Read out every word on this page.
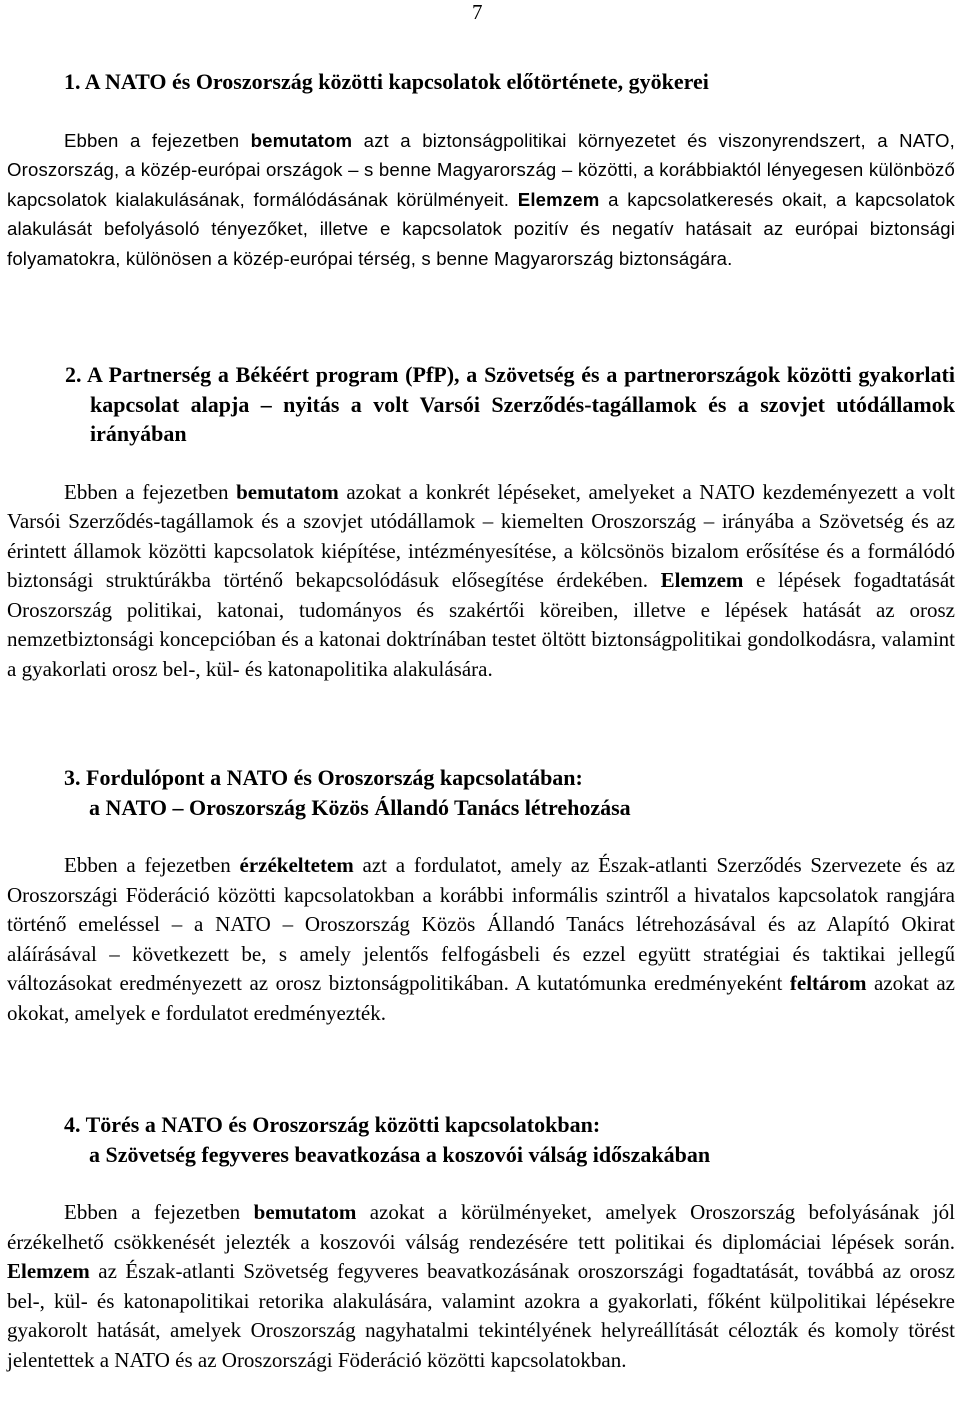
7
1. A NATO és Oroszország közötti kapcsolatok előtörténete, gyökerei

Ebben a fejezetben bemutatom azt a biztonságpolitikai környezetet és viszonyrendszert, a NATO, Oroszország, a közép-európai országok – s benne Magyarország – közötti, a korábbiaktól lényegesen különböző kapcsolatok kialakulásának, formálódásának körülményeit. Elemzem a kapcsolatkeresés okait, a kapcsolatok alakulását befolyásoló tényezőket, illetve e kapcsolatok pozitív és negatív hatásait az európai biztonsági folyamatokra, különösen a közép-európai térség, s benne Magyarország biztonságára.

2. A Partnerség a Békéért program (PfP), a Szövetség és a partnerországok közötti gyakorlati kapcsolat alapja – nyitás a volt Varsói Szerződés-tagállamok és a szovjet utódállamok irányában

Ebben a fejezetben bemutatom azokat a konkrét lépéseket, amelyeket a NATO kezdeményezett a volt Varsói Szerződés-tagállamok és a szovjet utódállamok – kiemelten Oroszország – irányába a Szövetség és az érintett államok közötti kapcsolatok kiépítése, intézményesítése, a kölcsönös bizalom erősítése és a formálódó biztonsági struktúrákba történő bekapcsolódásuk elősegítése érdekében. Elemzem e lépések fogadtatását Oroszország politikai, katonai, tudományos és szakértői köreiben, illetve e lépések hatását az orosz nemzetbiztonsági koncepcióban és a katonai doktrínában testet öltött biztonságpolitikai gondolkodásra, valamint a gyakorlati orosz bel-, kül- és katonapolitika alakulására.

3. Fordulópont a NATO és Oroszország kapcsolatában:
a NATO – Oroszország Közös Állandó Tanács létrehozása

Ebben a fejezetben érzékeltetem azt a fordulatot, amely az Észak-atlanti Szerződés Szervezete és az Oroszországi Föderáció közötti kapcsolatokban a korábbi informális szintről a hivatalos kapcsolatok rangjára történő emeléssel – a NATO – Oroszország Közös Állandó Tanács létrehozásával és az Alapító Okirat aláírásával – következett be, s amely jelentős felfogásbeli és ezzel együtt stratégiai és taktikai jellegű változásokat eredményezett az orosz biztonságpolitikában. A kutatómunka eredményeként feltárom azokat az okokat, amelyek e fordulatot eredményezték.

4. Törés a NATO és Oroszország közötti kapcsolatokban:
a Szövetség fegyveres beavatkozása a koszovói válság időszakában

Ebben a fejezetben bemutatom azokat a körülményeket, amelyek Oroszország befolyásának jól érzékelhető csökkenését jelezték a koszovói válság rendezésére tett politikai és diplomáciai lépések során. Elemzem az Észak-atlanti Szövetség fegyveres beavatkozásának oroszországi fogadtatását, továbbá az orosz bel-, kül- és katonapolitikai retorika alakulására, valamint azokra a gyakorlati, főként külpolitikai lépésekre gyakorolt hatását, amelyek Oroszország nagyhatalmi tekintélyének helyreállítását célozták és komoly törést jelentettek a NATO és az Oroszországi Föderáció közötti kapcsolatokban.
